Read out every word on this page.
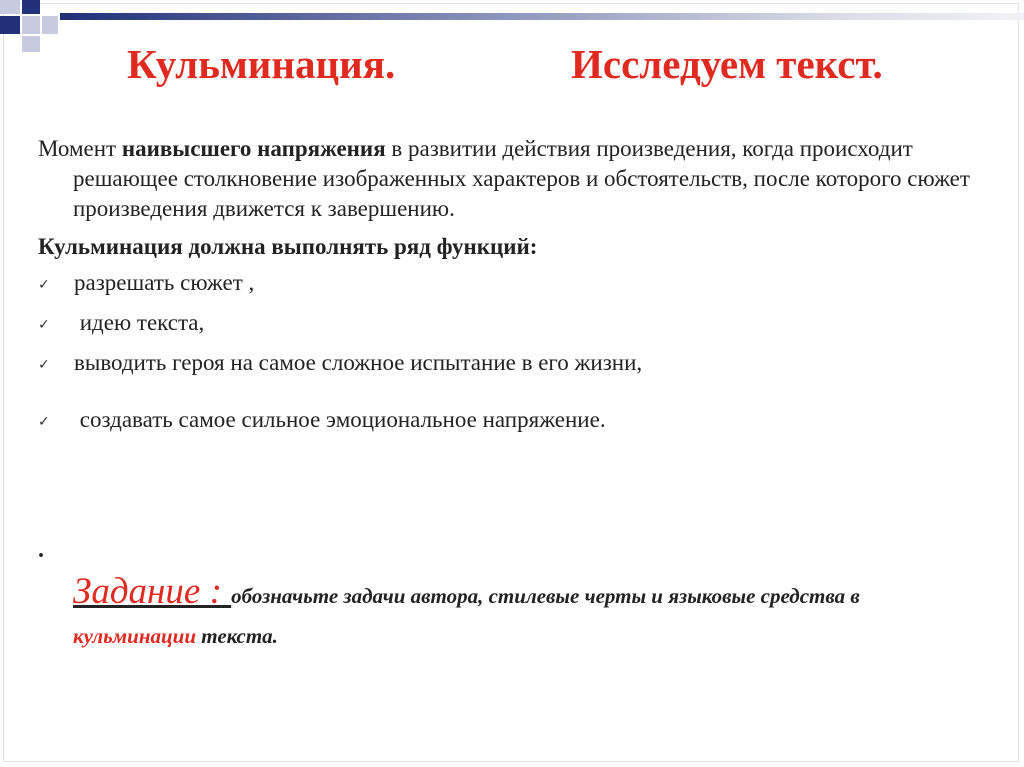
Кульминация.	Исследуем текст.

Момент наивысшего напряжения в развитии действия произведения, когда происходит решающее столкновение изображенных характеров и обстоятельств, после которого сюжет произведения движется к завершению.

Кульминация должна выполнять ряд функций:

✓ разрешать сюжет ,
✓ идею текста,
✓ выводить героя на самое сложное испытание в его жизни,
✓ создавать самое сильное эмоциональное напряжение.
.
Задание : обозначьте задачи автора, стилевые черты и языковые средства в кульминации текста.
